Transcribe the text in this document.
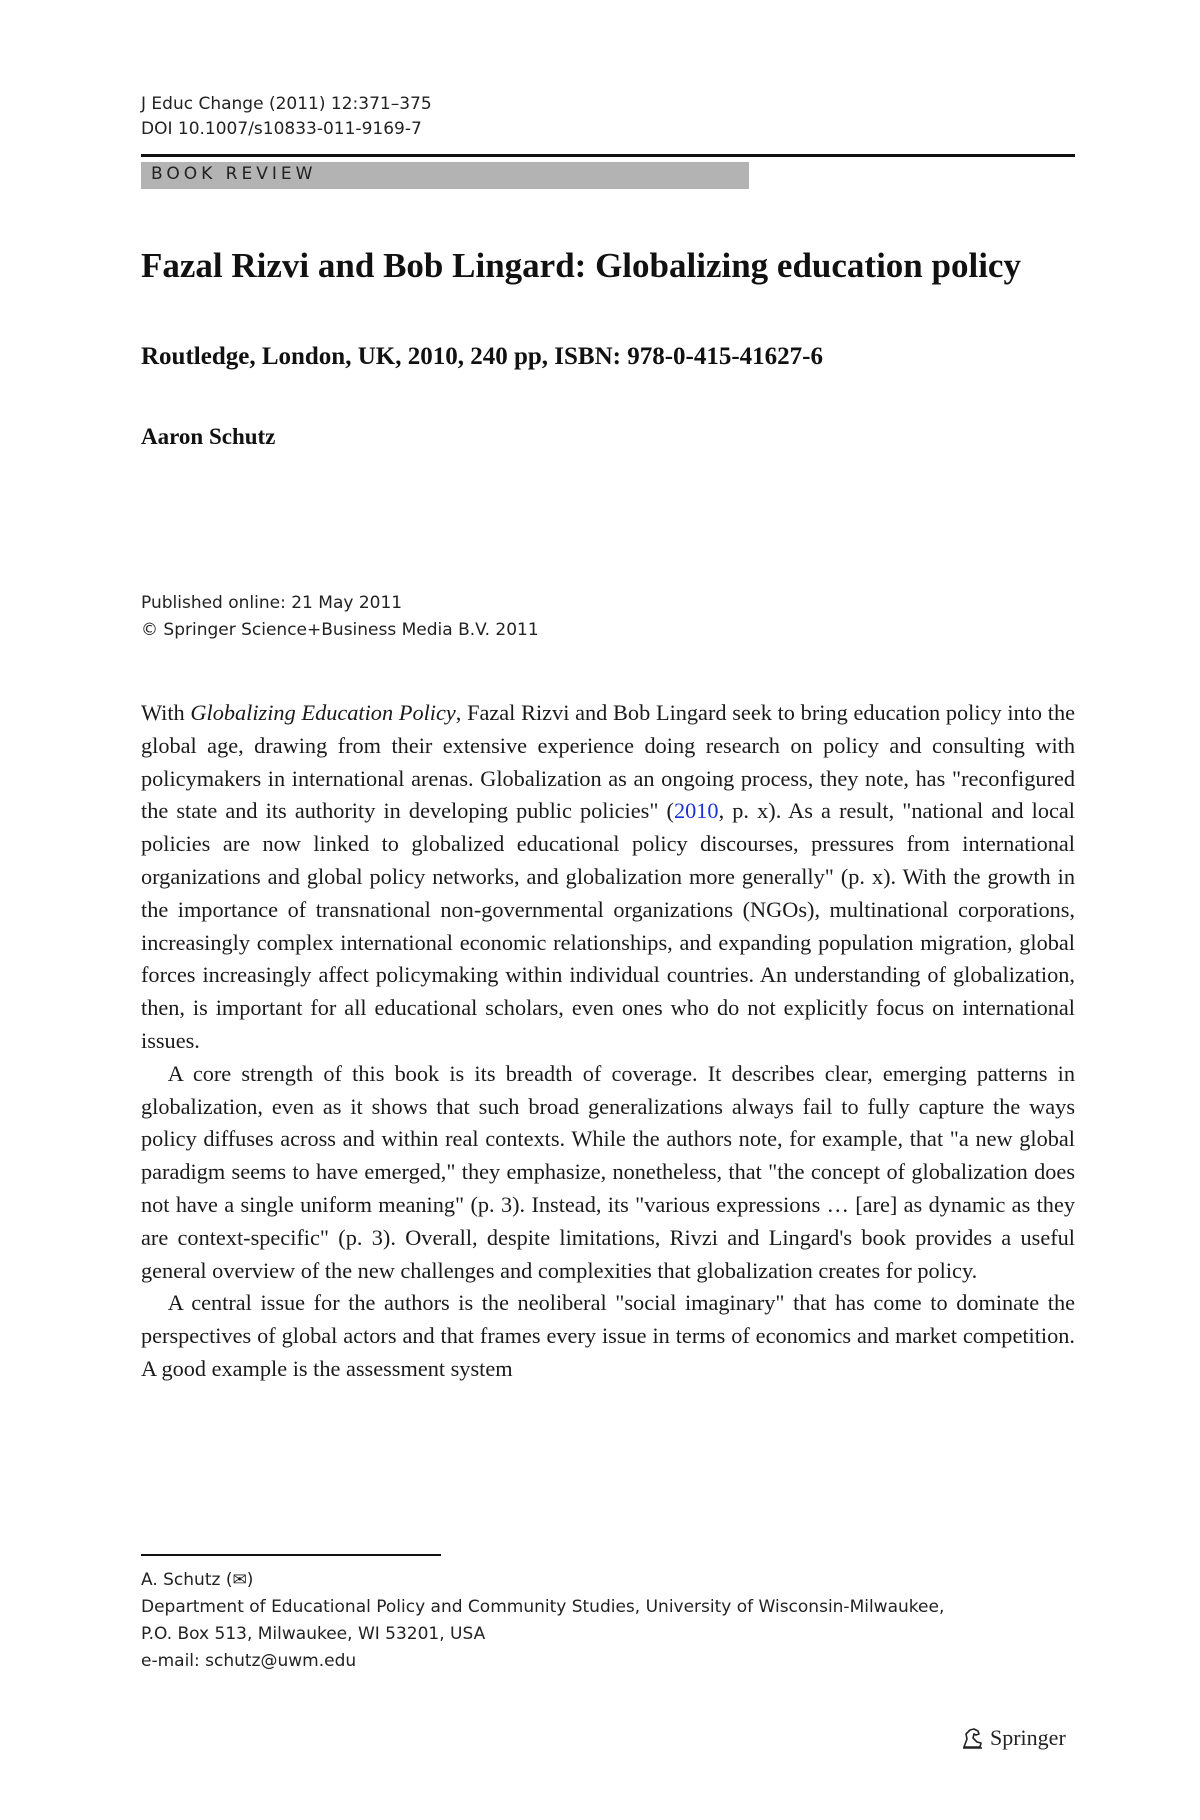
J Educ Change (2011) 12:371–375
DOI 10.1007/s10833-011-9169-7
BOOK REVIEW
Fazal Rizvi and Bob Lingard: Globalizing education policy
Routledge, London, UK, 2010, 240 pp, ISBN: 978-0-415-41627-6
Aaron Schutz
Published online: 21 May 2011
© Springer Science+Business Media B.V. 2011

With Globalizing Education Policy, Fazal Rizvi and Bob Lingard seek to bring education policy into the global age, drawing from their extensive experience doing research on policy and consulting with policymakers in international arenas. Globalization as an ongoing process, they note, has "reconfigured the state and its authority in developing public policies" (2010, p. x). As a result, "national and local policies are now linked to globalized educational policy discourses, pressures from international organizations and global policy networks, and globalization more generally" (p. x). With the growth in the importance of transnational non-governmental organizations (NGOs), multinational corporations, increasingly complex international economic relationships, and expanding population migration, global forces increasingly affect policymaking within individual countries. An understanding of globalization, then, is important for all educational scholars, even ones who do not explicitly focus on international issues.

A core strength of this book is its breadth of coverage. It describes clear, emerging patterns in globalization, even as it shows that such broad generalizations always fail to fully capture the ways policy diffuses across and within real contexts. While the authors note, for example, that "a new global paradigm seems to have emerged," they emphasize, nonetheless, that "the concept of globalization does not have a single uniform meaning" (p. 3). Instead, its "various expressions … [are] as dynamic as they are context-specific" (p. 3). Overall, despite limitations, Rivzi and Lingard's book provides a useful general overview of the new challenges and complexities that globalization creates for policy.

A central issue for the authors is the neoliberal "social imaginary" that has come to dominate the perspectives of global actors and that frames every issue in terms of economics and market competition. A good example is the assessment system

A. Schutz (✉)
Department of Educational Policy and Community Studies, University of Wisconsin-Milwaukee,
P.O. Box 513, Milwaukee, WI 53201, USA
e-mail: schutz@uwm.edu
Springer
